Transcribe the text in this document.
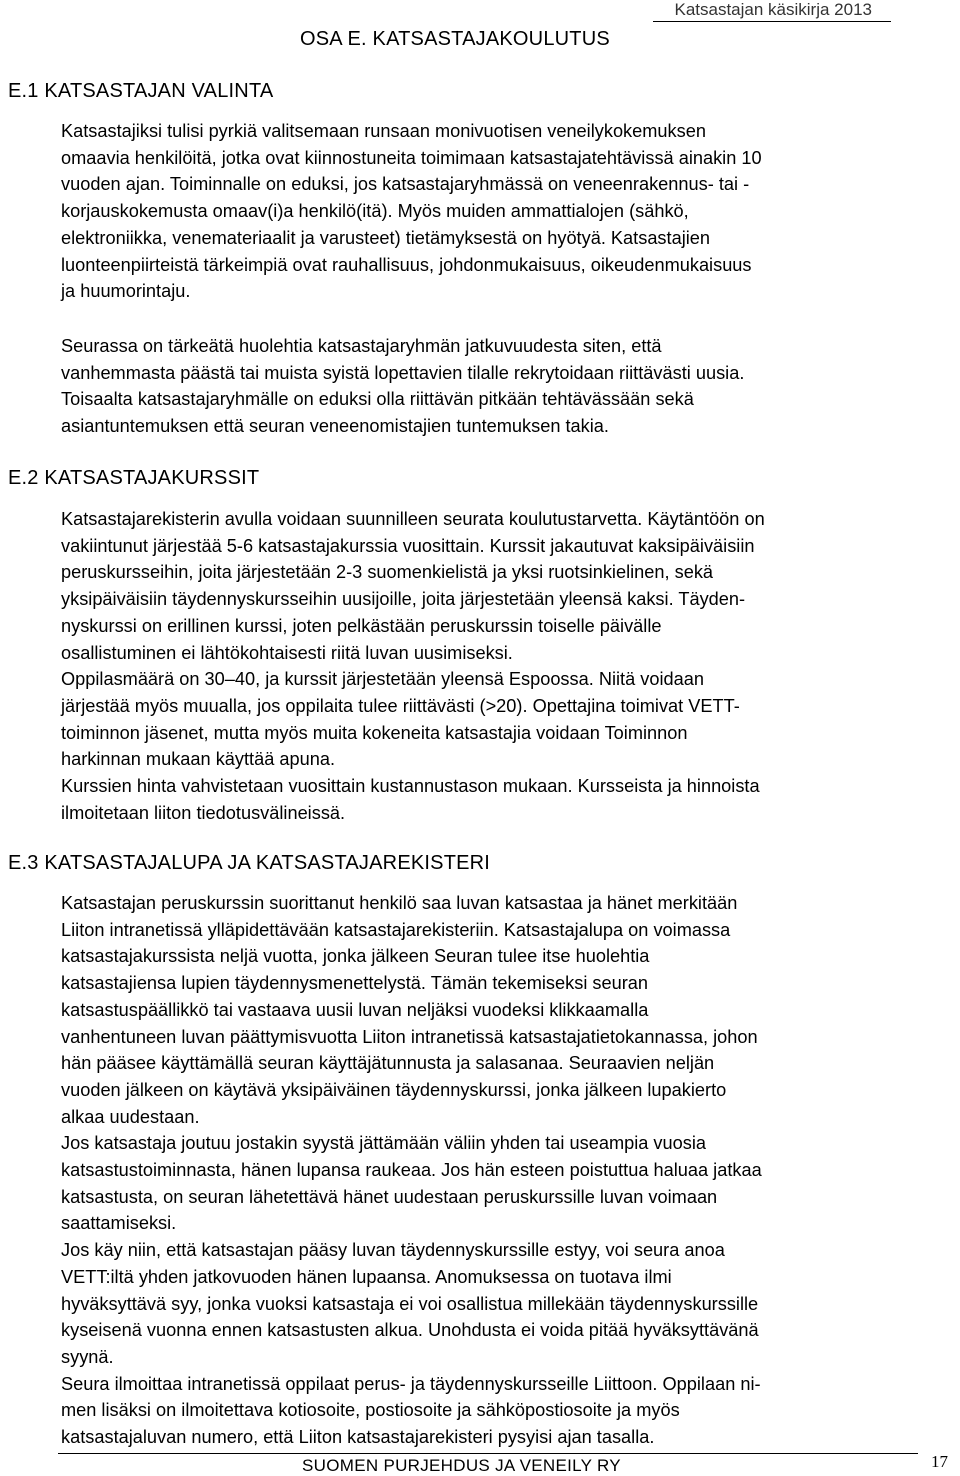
Katsastajan käsikirja 2013
OSA E. KATSASTAJAKOULUTUS
E.1 KATSASTAJAN VALINTA
Katsastajiksi tulisi pyrkiä valitsemaan runsaan monivuotisen veneilykokemuksen
omaavia henkilöitä, jotka ovat kiinnostuneita toimimaan katsastajatehtävissä ainakin 10
vuoden ajan. Toiminnalle on eduksi, jos katsastajaryhmässä on veneenrakennus- tai -
korjauskokemusta omaav(i)a henkilö(itä). Myös muiden ammattialojen (sähkö,
elektroniikka, venemateriaalit ja varusteet) tietämyksestä on hyötyä. Katsastajien
luonteenpiirteistä tärkeimpiä ovat rauhallisuus, johdonmukaisuus, oikeudenmukaisuus
ja huumorintaju.
Seurassa on tärkeätä huolehtia katsastajaryhmän jatkuvuudesta siten, että
vanhemmasta päästä tai muista syistä lopettavien tilalle rekrytoidaan riittävästi uusia.
Toisaalta katsastajaryhmälle on eduksi olla riittävän pitkään tehtävässään sekä
asiantuntemuksen että seuran veneenomistajien tuntemuksen takia.
E.2 KATSASTAJAKURSSIT
Katsastajarekisterin avulla voidaan suunnilleen seurata koulutustarvetta. Käytäntöön on
vakiintunut järjestää 5-6 katsastajakurssia vuosittain. Kurssit jakautuvat kaksipäiväisiin
peruskursseihin, joita järjestetään 2-3 suomenkielistä ja yksi ruotsinkielinen, sekä
yksipäiväisiin täydennyskursseihin uusijoille, joita järjestetään yleensä kaksi. Täyden-
nyskurssi on erillinen kurssi, joten pelkästään peruskurssin toiselle päivälle
osallistuminen ei lähtökohtaisesti riitä luvan uusimiseksi.
Oppilasmäärä on 30–40, ja kurssit järjestetään yleensä Espoossa. Niitä voidaan
järjestää myös muualla, jos oppilaita tulee riittävästi (>20). Opettajina toimivat VETT-
toiminnon jäsenet, mutta myös muita kokeneita katsastajia voidaan Toiminnon
harkinnan mukaan käyttää apuna.
Kurssien hinta vahvistetaan vuosittain kustannustason mukaan. Kursseista ja hinnoista
ilmoitetaan liiton tiedotusvälineissä.
E.3 KATSASTAJALUPA JA KATSASTAJAREKISTERI
Katsastajan peruskurssin suorittanut henkilö saa luvan katsastaa ja hänet merkitään
Liiton intranetissä ylläpidettävään katsastajarekisteriin. Katsastajalupa on voimassa
katsastajakurssista neljä vuotta, jonka jälkeen Seuran tulee itse huolehtia
katsastajiensa lupien täydennysmenettelystä. Tämän tekemiseksi seuran
katsastuspäällikkö tai vastaava uusii luvan neljäksi vuodeksi klikkaamalla
vanhentuneen luvan päättymisvuotta Liiton intranetissä katsastajatietokannassa, johon
hän pääsee käyttämällä seuran käyttäjätunnusta ja salasanaa. Seuraavien neljän
vuoden jälkeen on käytävä yksipäiväinen täydennyskurssi, jonka jälkeen lupakierto
alkaa uudestaan.
Jos katsastaja joutuu jostakin syystä jättämään väliin yhden tai useampia vuosia
katsastustoiminnasta, hänen lupansa raukeaa. Jos hän esteen poistuttua haluaa jatkaa
katsastusta, on seuran lähetettävä hänet uudestaan peruskurssille luvan voimaan
saattamiseksi.
Jos käy niin, että katsastajan pääsy luvan täydennyskurssille estyy, voi seura anoa
VETT:iltä yhden jatkovuoden hänen lupaansa. Anomuksessa on tuotava ilmi
hyväksyttävä syy, jonka vuoksi katsastaja ei voi osallistua millekään täydennyskurssille
kyseisenä vuonna ennen katsastusten alkua. Unohdusta ei voida pitää hyväksyttävänä
syynä.
Seura ilmoittaa intranetissä oppilaat perus- ja täydennyskursseille Liittoon. Oppilaan ni-
men lisäksi on ilmoitettava kotiosoite, postiosoite ja sähköpostiosoite ja myös
katsastajaluvan numero, että Liiton katsastajarekisteri pysyisi ajan tasalla.
SUOMEN PURJEHDUS JA VENEILY RY	17
